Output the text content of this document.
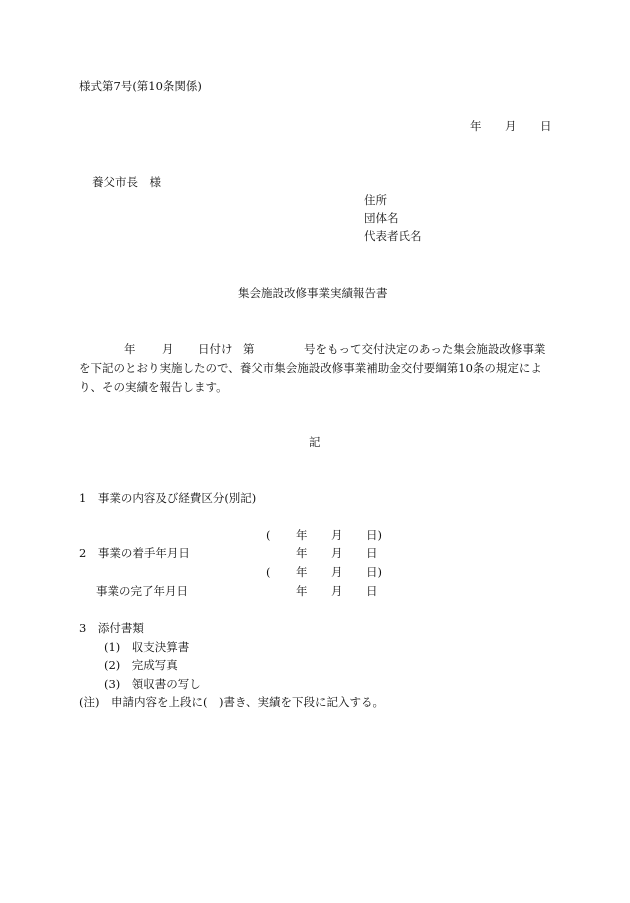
様式第7号(第10条関係)
年 月 日
養父市長　様
住所
団体名
代表者氏名
集会施設改修事業実績報告書
年 月 日付け 第	号をもって交付決定のあった集会施設改修事業
を下記のとおり実施したので、養父市集会施設改修事業補助金交付要綱第10条の規定によ
り、その実績を報告します。
記
1　事業の内容及び経費区分(別記)
( 年 月 日)
2　事業の着手年月日	年 月 日
( 年 月 日)
事業の完了年月日	年 月 日
3　添付書類
(1)　収支決算書
(2)　完成写真
(3)　領収書の写し
(注)　申請内容を上段に(　)書き、実績を下段に記入する。
